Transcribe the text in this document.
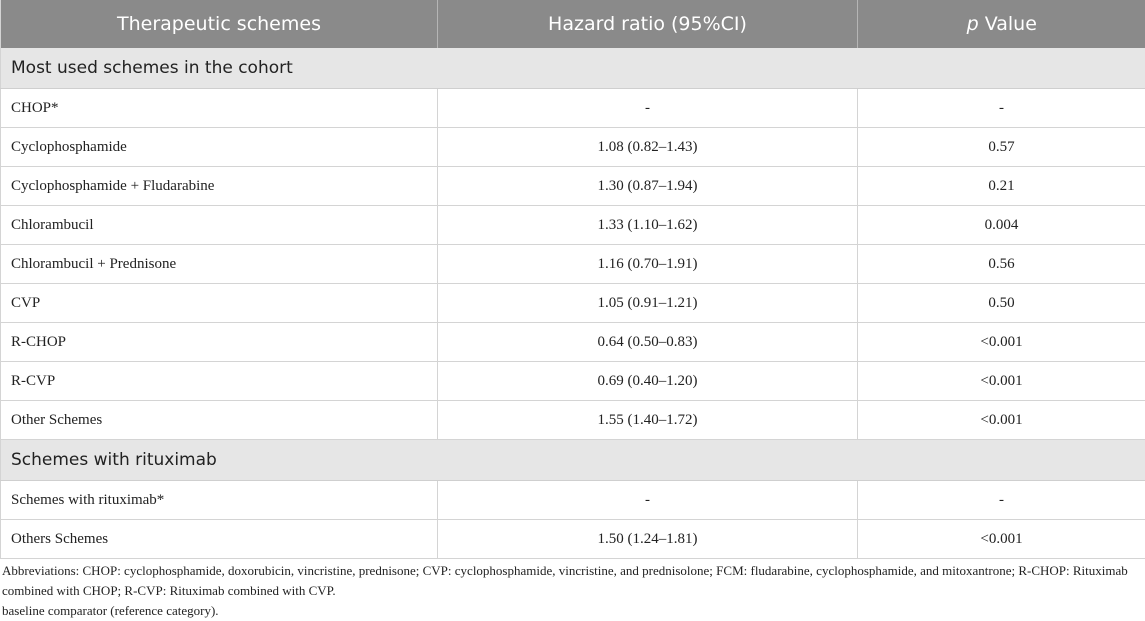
Therapeutic schemes	Hazard ratio (95%CI)	p Value
Most used schemes in the cohort		
CHOP*	-	-
Cyclophosphamide	1.08 (0.82–1.43)	0.57
Cyclophosphamide + Fludarabine	1.30 (0.87–1.94)	0.21
Chlorambucil	1.33 (1.10–1.62)	0.004
Chlorambucil + Prednisone	1.16 (0.70–1.91)	0.56
CVP	1.05 (0.91–1.21)	0.50
R-CHOP	0.64 (0.50–0.83)	<0.001
R-CVP	0.69 (0.40–1.20)	<0.001
Other Schemes	1.55 (1.40–1.72)	<0.001
Schemes with rituximab		
Schemes with rituximab*	-	-
Others Schemes	1.50 (1.24–1.81)	<0.001
Abbreviations: CHOP: cyclophosphamide, doxorubicin, vincristine, prednisone; CVP: cyclophosphamide, vincristine, and prednisolone; FCM: fludarabine, cyclophosphamide, and mitoxantrone; R-CHOP: Rituximab combined with CHOP; R-CVP: Rituximab combined with CVP.
baseline comparator (reference category).
